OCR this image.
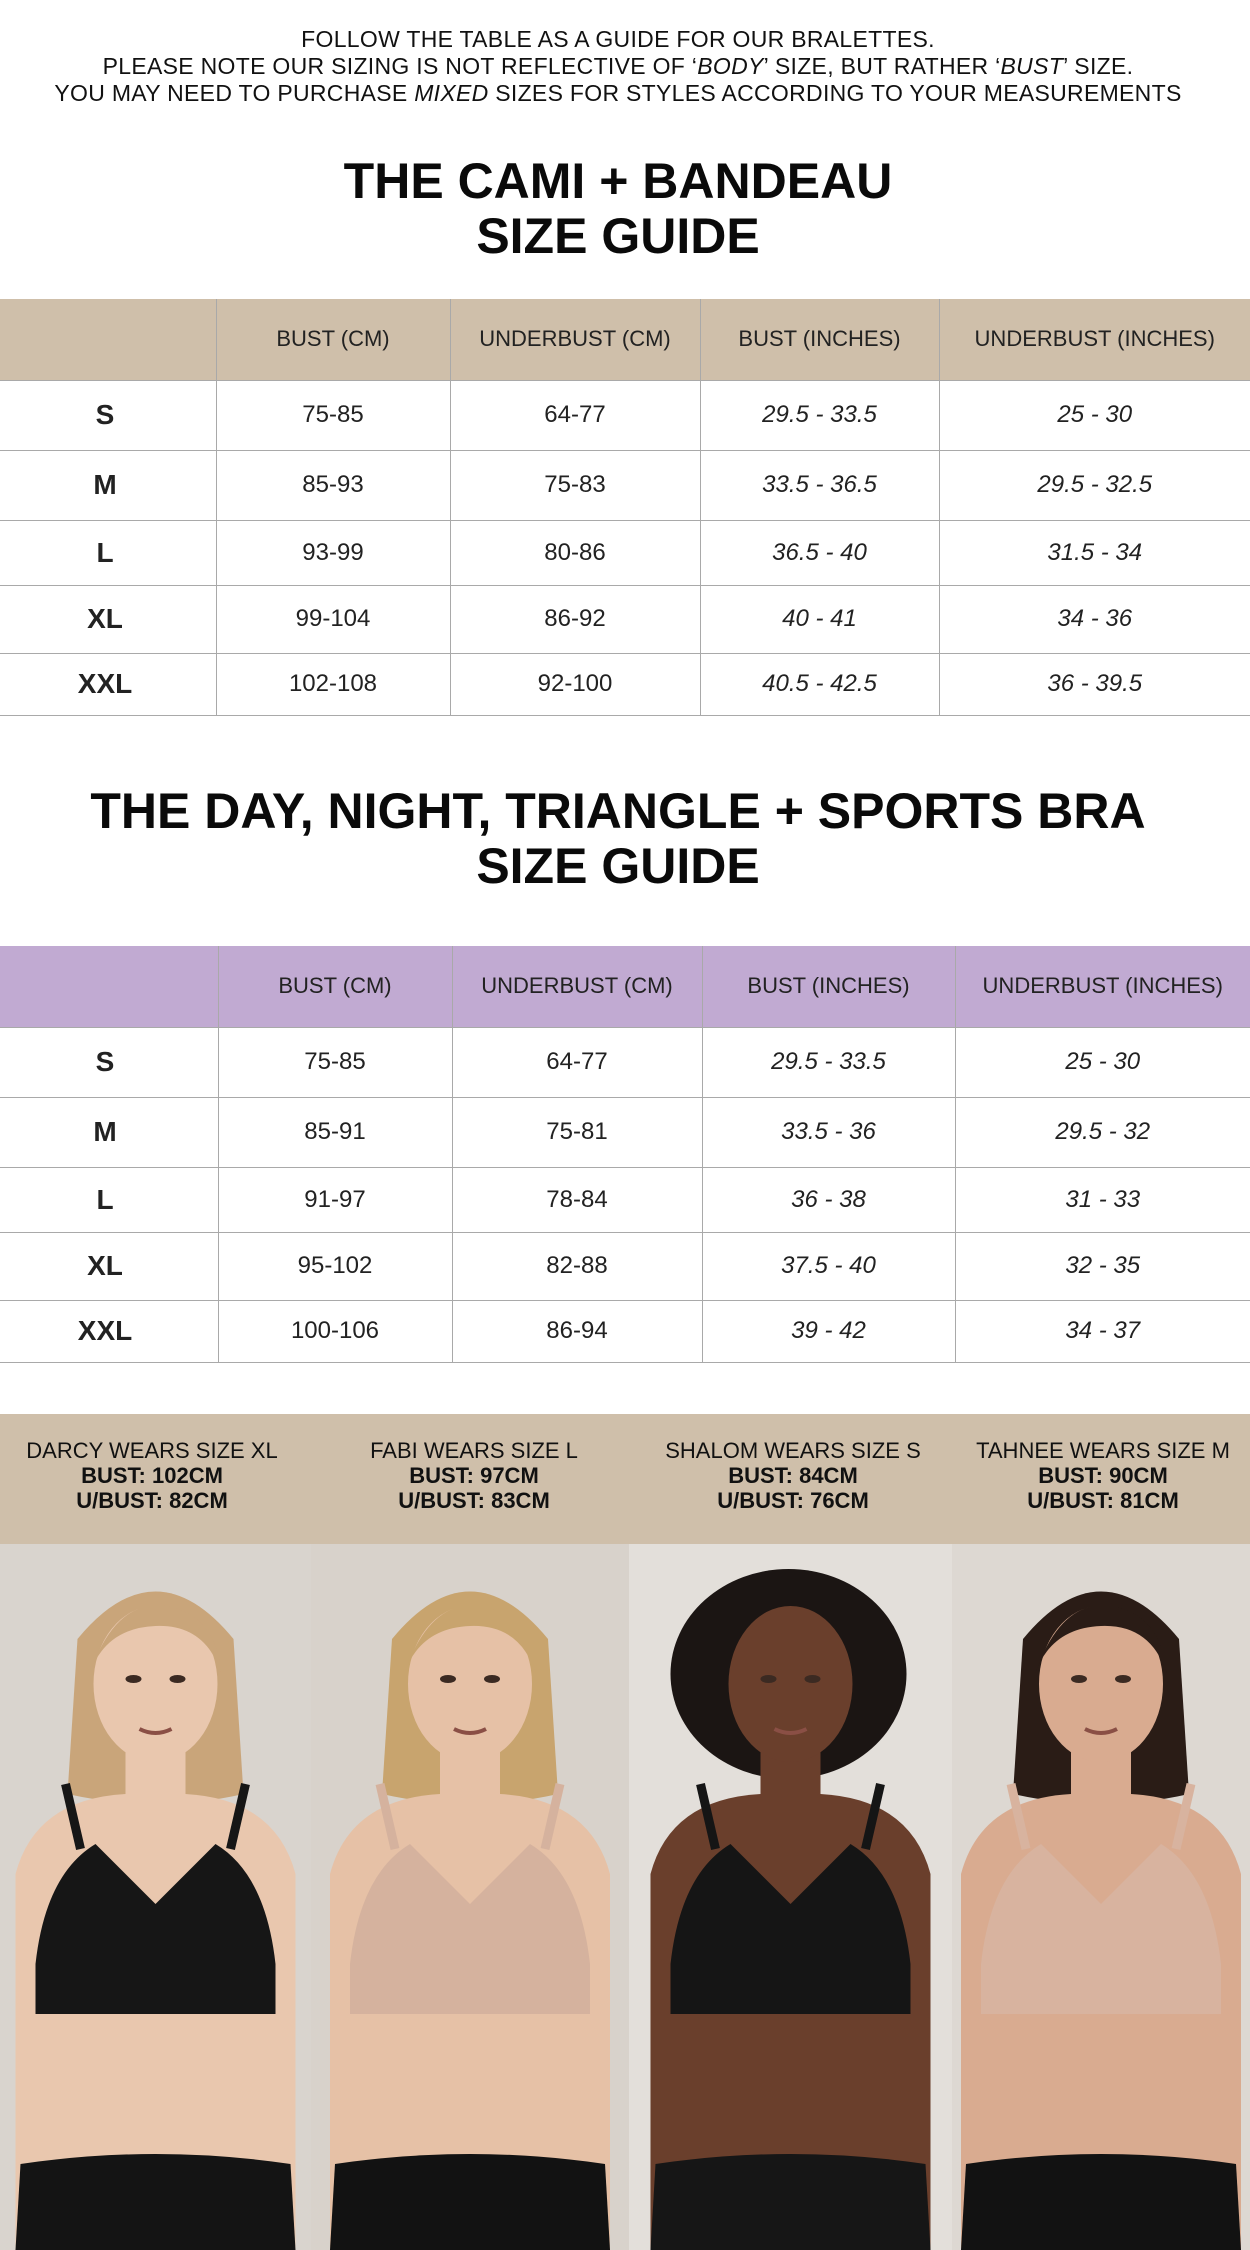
FOLLOW THE TABLE AS A GUIDE FOR OUR BRALETTES.
PLEASE NOTE OUR SIZING IS NOT REFLECTIVE OF ‘BODY’ SIZE, BUT RATHER ‘BUST’ SIZE.
YOU MAY NEED TO PURCHASE MIXED SIZES FOR STYLES ACCORDING TO YOUR MEASUREMENTS
THE CAMI + BANDEAU
SIZE GUIDE
	BUST (CM)	UNDERBUST (CM)	BUST (INCHES)	UNDERBUST (INCHES)
S	75-85	64-77	29.5 - 33.5	25 - 30
M	85-93	75-83	33.5 - 36.5	29.5 - 32.5
L	93-99	80-86	36.5 - 40	31.5 - 34
XL	99-104	86-92	40 - 41	34 - 36
XXL	102-108	92-100	40.5 - 42.5	36 - 39.5
THE DAY, NIGHT, TRIANGLE + SPORTS BRA
SIZE GUIDE
	BUST (CM)	UNDERBUST (CM)	BUST (INCHES)	UNDERBUST (INCHES)
S	75-85	64-77	29.5 - 33.5	25 - 30
M	85-91	75-81	33.5 - 36	29.5 - 32
L	91-97	78-84	36 - 38	31 - 33
XL	95-102	82-88	37.5 - 40	32 - 35
XXL	100-106	86-94	39 - 42	34 - 37
DARCY WEARS SIZE XL
BUST: 102CM
U/BUST: 82CM
FABI WEARS SIZE L
BUST: 97CM
U/BUST: 83CM
SHALOM WEARS SIZE S
BUST: 84CM
U/BUST: 76CM
TAHNEE WEARS SIZE M
BUST: 90CM
U/BUST: 81CM
